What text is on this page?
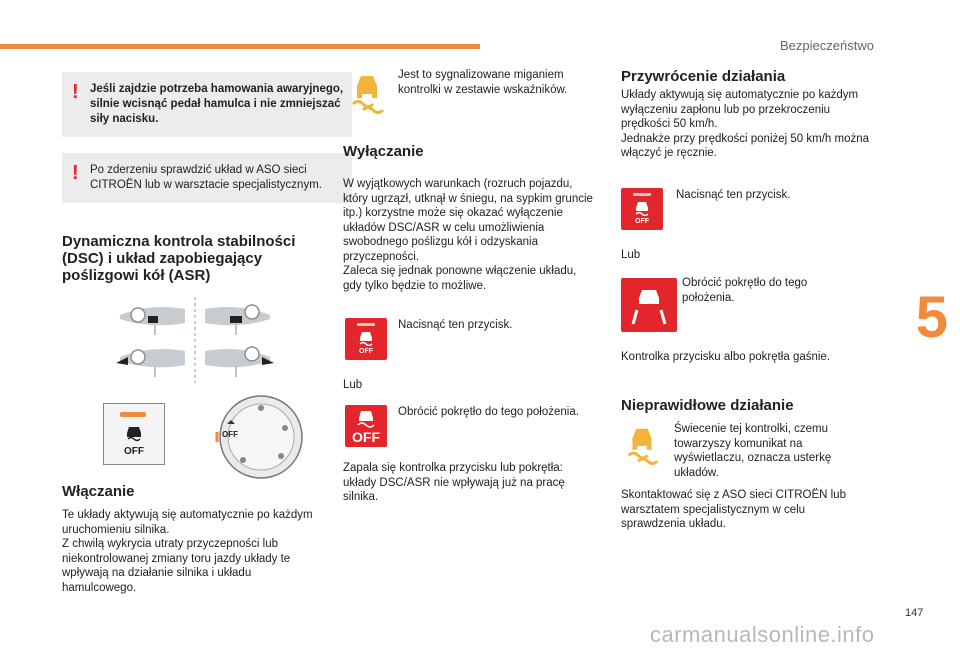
Bezpieczeństwo
5
! Jeśli zajdzie potrzeba hamowania awaryjnego, silnie wcisnąć pedał hamulca i nie zmniejszać siły nacisku.
! Po zderzeniu sprawdzić układ w ASO sieci CITROËN lub w warsztacie specjalistycznym.
Dynamiczna kontrola stabilności (DSC) i układ zapobiegający poślizgowi kół (ASR)
OFF
OFF
Włączanie
Te układy aktywują się automatycznie po każdym uruchomieniu silnika.
Z chwilą wykrycia utraty przyczepności lub niekontrolowanej zmiany toru jazdy układy te wpływają na działanie silnika i układu hamulcowego.
Jest to sygnalizowane miganiem kontrolki w zestawie wskaźników.
Wyłączanie
W wyjątkowych warunkach (rozruch pojazdu, który ugrzązł, utknął w śniegu, na sypkim gruncie itp.) korzystne może się okazać wyłączenie układów DSC/ASR w celu umożliwienia swobodnego poślizgu kół i odzyskania przyczepności.
Zaleca się jednak ponowne włączenie układu, gdy tylko będzie to możliwe.
OFF
Nacisnąć ten przycisk.
Lub
OFF
Obrócić pokrętło do tego położenia.
Zapala się kontrolka przycisku lub pokrętła: układy DSC/ASR nie wpływają już na pracę silnika.
Przywrócenie działania
Układy aktywują się automatycznie po każdym wyłączeniu zapłonu lub po przekroczeniu prędkości 50 km/h.
Jednakże przy prędkości poniżej 50 km/h można włączyć je ręcznie.
OFF
Nacisnąć ten przycisk.
Lub
Obrócić pokrętło do tego położenia.
Kontrolka przycisku albo pokrętła gaśnie.
Nieprawidłowe działanie
Świecenie tej kontrolki, czemu towarzyszy komunikat na wyświetlaczu, oznacza usterkę układów.
Skontaktować się z ASO sieci CITROËN lub warsztatem specjalistycznym w celu sprawdzenia układu.
147
carmanualsonline.info
